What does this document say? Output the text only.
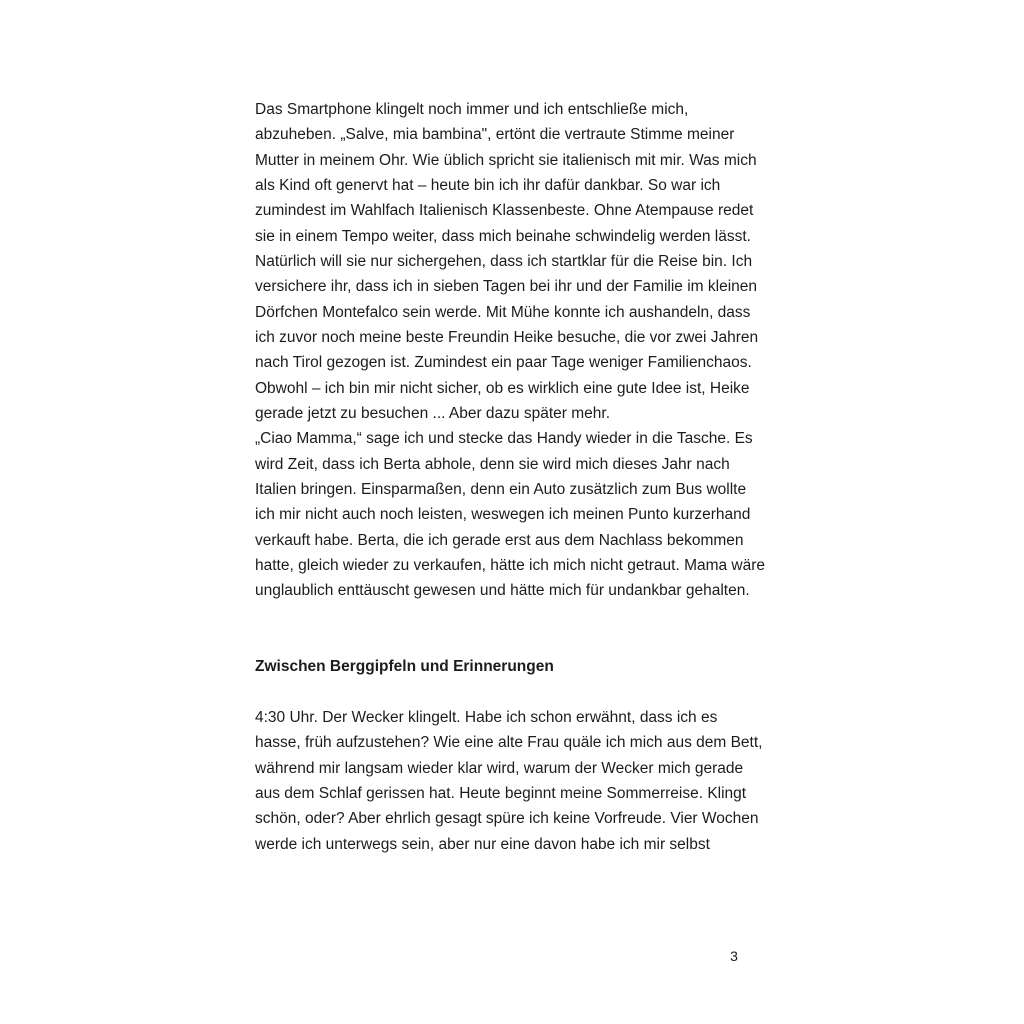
Das Smartphone klingelt noch immer und ich entschließe mich,
abzuheben. „Salve, mia bambina", ertönt die vertraute Stimme meiner
Mutter in meinem Ohr. Wie üblich spricht sie italienisch mit mir. Was mich
als Kind oft genervt hat – heute bin ich ihr dafür dankbar. So war ich
zumindest im Wahlfach Italienisch Klassenbeste. Ohne Atempause redet
sie in einem Tempo weiter, dass mich beinahe schwindelig werden lässt.
Natürlich will sie nur sichergehen, dass ich startklar für die Reise bin. Ich
versichere ihr, dass ich in sieben Tagen bei ihr und der Familie im kleinen
Dörfchen Montefalco sein werde. Mit Mühe konnte ich aushandeln, dass
ich zuvor noch meine beste Freundin Heike besuche, die vor zwei Jahren
nach Tirol gezogen ist. Zumindest ein paar Tage weniger Familienchaos.
Obwohl – ich bin mir nicht sicher, ob es wirklich eine gute Idee ist, Heike
gerade jetzt zu besuchen ... Aber dazu später mehr.
„Ciao Mamma,“ sage ich und stecke das Handy wieder in die Tasche. Es
wird Zeit, dass ich Berta abhole, denn sie wird mich dieses Jahr nach
Italien bringen. Einsparmaßen, denn ein Auto zusätzlich zum Bus wollte
ich mir nicht auch noch leisten, weswegen ich meinen Punto kurzerhand
verkauft habe. Berta, die ich gerade erst aus dem Nachlass bekommen
hatte, gleich wieder zu verkaufen, hätte ich mich nicht getraut. Mama wäre
unglaublich enttäuscht gewesen und hätte mich für undankbar gehalten.
Zwischen Berggipfeln und Erinnerungen
4:30 Uhr. Der Wecker klingelt. Habe ich schon erwähnt, dass ich es
hasse, früh aufzustehen? Wie eine alte Frau quäle ich mich aus dem Bett,
während mir langsam wieder klar wird, warum der Wecker mich gerade
aus dem Schlaf gerissen hat. Heute beginnt meine Sommerreise. Klingt
schön, oder? Aber ehrlich gesagt spüre ich keine Vorfreude. Vier Wochen
werde ich unterwegs sein, aber nur eine davon habe ich mir selbst
3
